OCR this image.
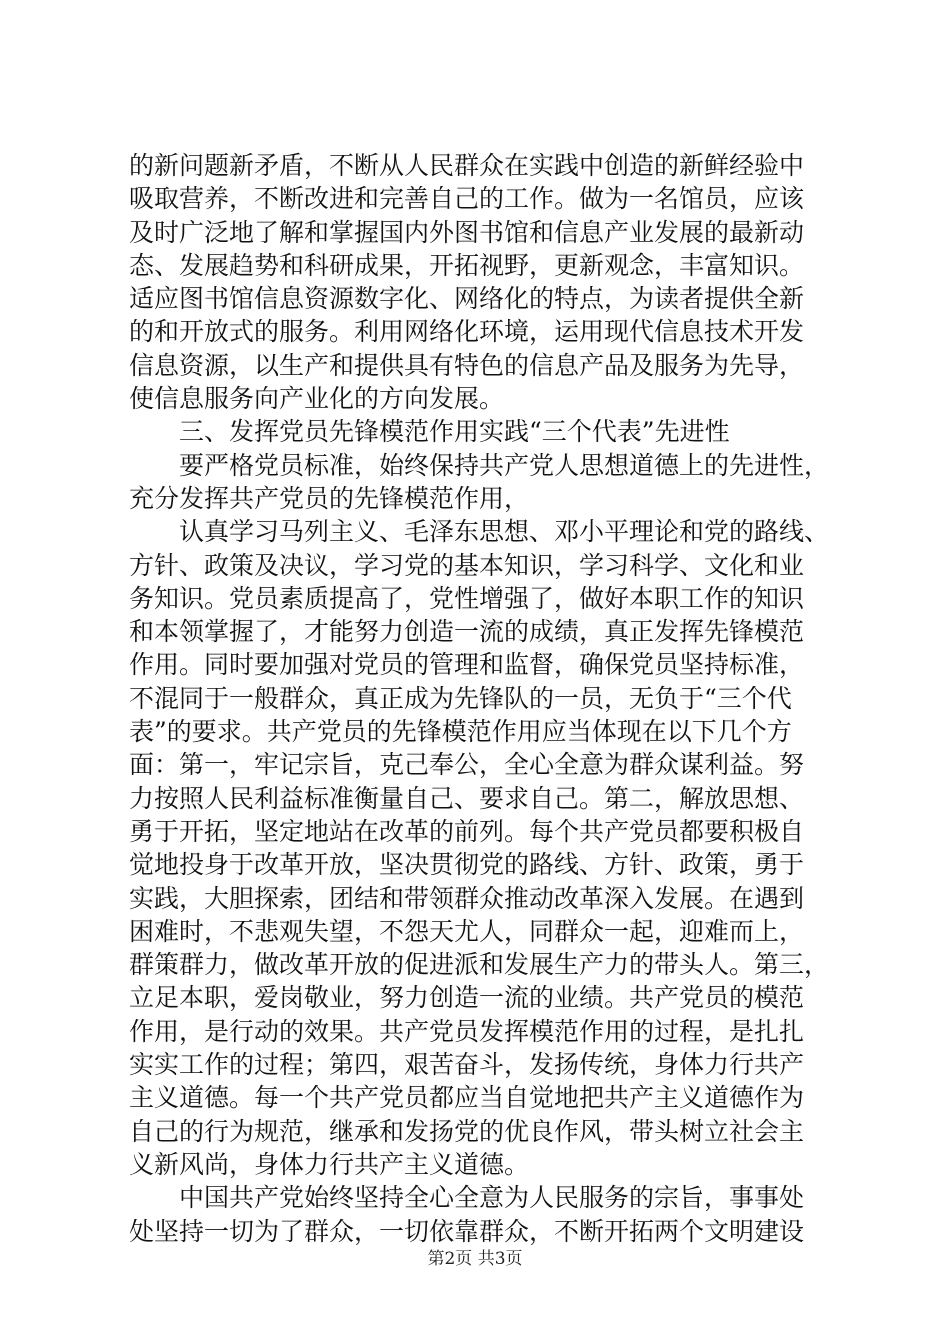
的新问题新矛盾，不断从人民群众在实践中创造的新鲜经验中
吸取营养，不断改进和完善自己的工作。做为一名馆员，应该
及时广泛地了解和掌握国内外图书馆和信息产业发展的最新动
态、发展趋势和科研成果，开拓视野，更新观念，丰富知识。
适应图书馆信息资源数字化、网络化的特点，为读者提供全新
的和开放式的服务。利用网络化环境，运用现代信息技术开发
信息资源，以生产和提供具有特色的信息产品及服务为先导，
使信息服务向产业化的方向发展。
三、发挥党员先锋模范作用实践“三个代表”先进性
要严格党员标准，始终保持共产党人思想道德上的先进性，
充分发挥共产党员的先锋模范作用，
认真学习马列主义、毛泽东思想、邓小平理论和党的路线、
方针、政策及决议，学习党的基本知识，学习科学、文化和业
务知识。党员素质提高了，党性增强了，做好本职工作的知识
和本领掌握了，才能努力创造一流的成绩，真正发挥先锋模范
作用。同时要加强对党员的管理和监督，确保党员坚持标准，
不混同于一般群众，真正成为先锋队的一员，无负于“三个代
表”的要求。共产党员的先锋模范作用应当体现在以下几个方
面：第一，牢记宗旨，克己奉公，全心全意为群众谋利益。努
力按照人民利益标准衡量自己、要求自己。第二，解放思想、
勇于开拓，坚定地站在改革的前列。每个共产党员都要积极自
觉地投身于改革开放，坚决贯彻党的路线、方针、政策，勇于
实践，大胆探索，团结和带领群众推动改革深入发展。在遇到
困难时，不悲观失望，不怨天尤人，同群众一起，迎难而上，
群策群力，做改革开放的促进派和发展生产力的带头人。第三，
立足本职，爱岗敬业，努力创造一流的业绩。共产党员的模范
作用，是行动的效果。共产党员发挥模范作用的过程，是扎扎
实实工作的过程；第四，艰苦奋斗，发扬传统，身体力行共产
主义道德。每一个共产党员都应当自觉地把共产主义道德作为
自己的行为规范，继承和发扬党的优良作风，带头树立社会主
义新风尚，身体力行共产主义道德。
中国共产党始终坚持全心全意为人民服务的宗旨，事事处
处坚持一切为了群众，一切依靠群众，不断开拓两个文明建设
第2页 共3页
